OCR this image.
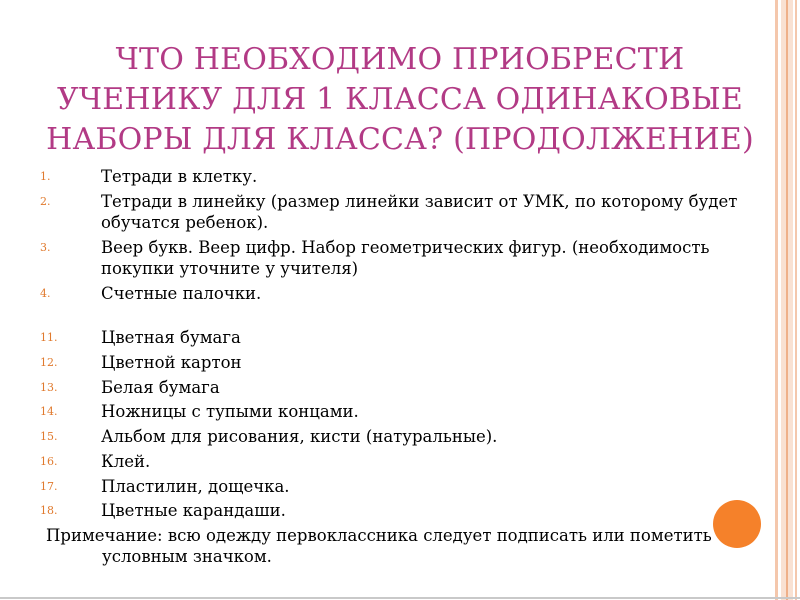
ЧТО НЕОБХОДИМО ПРИОБРЕСТИ УЧЕНИКУ ДЛЯ 1 КЛАССА ОДИНАКОВЫЕ НАБОРЫ ДЛЯ КЛАССА? (ПРОДОЛЖЕНИЕ)
1.	Тетради в клетку.
2.	Тетради в линейку (размер линейки зависит от УМК, по которому будет обучатся ребенок).
3.	Веер букв. Веер цифр. Набор геометрических фигур. (необходимость покупки уточните у учителя)
4.	Счетные палочки.
11.	Цветная бумага
12.	Цветной картон
13.	Белая бумага
14.	Ножницы с тупыми концами.
15.	Альбом для рисования, кисти (натуральные).
16.	Клей.
17.	Пластилин, дощечка.
18.	Цветные карандаши.
Примечание: всю одежду первоклассника следует подписать или пометить условным значком.
